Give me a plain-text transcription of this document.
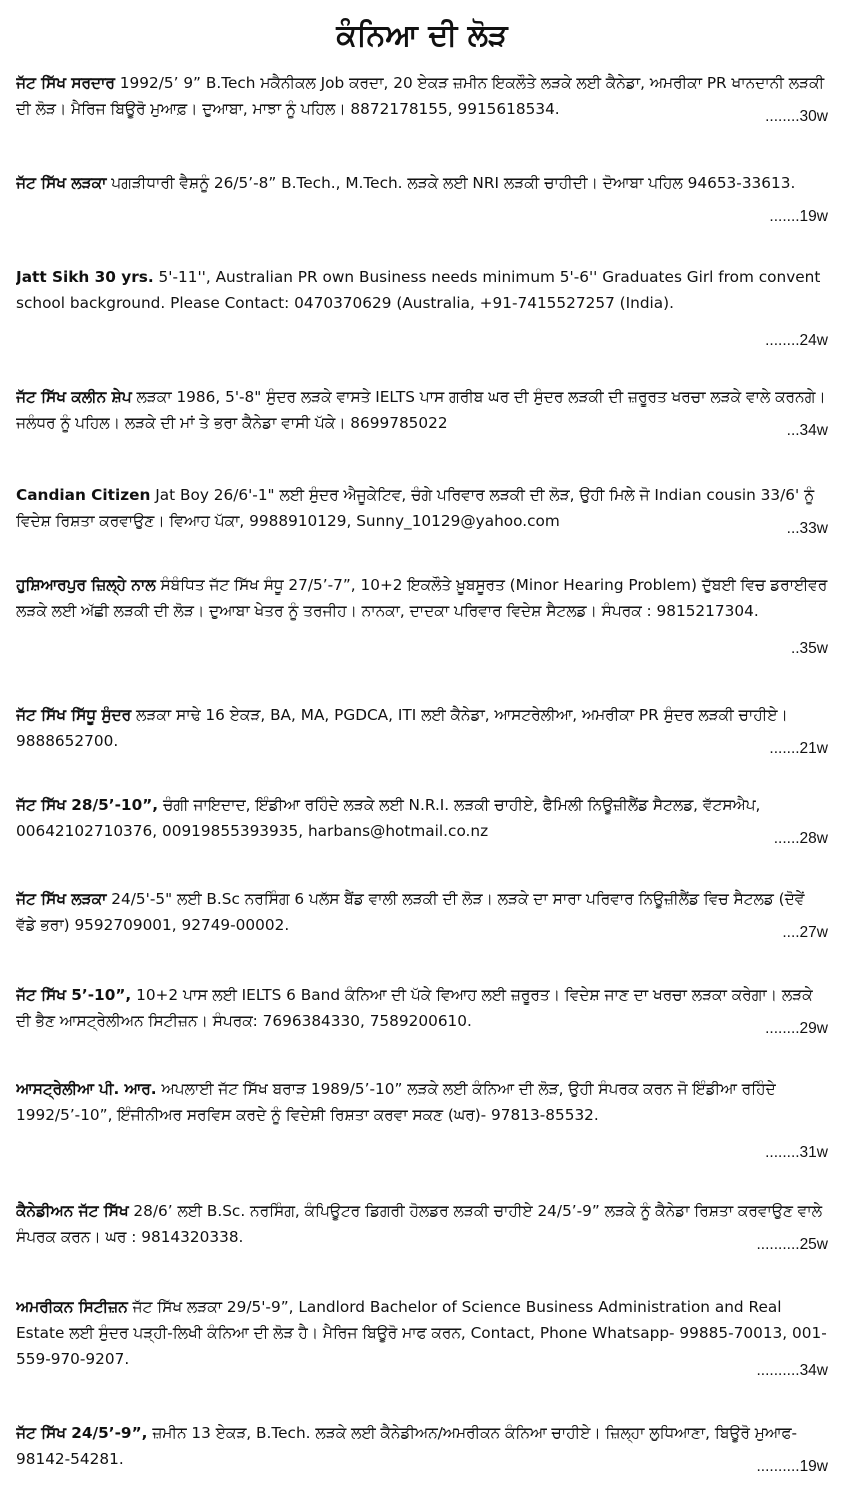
ਕੰਨਿਆ ਦੀ ਲੋੜ
ਜੱਟ ਸਿੱਖ ਸਰਦਾਰ 1992/5’ 9” B.Tech ਮਕੈਨੀਕਲ Job ਕਰਦਾ, 20 ਏਕੜ ਜ਼ਮੀਨ ਇਕਲੌਤੇ ਲੜਕੇ ਲਈ ਕੈਨੇਡਾ, ਅਮਰੀਕਾ PR ਖਾਨਦਾਨੀ ਲੜਕੀ ਦੀ ਲੋੜ। ਮੈਰਿਜ ਬਿਊਰੋ ਮੁਆਫ਼। ਦੁਆਬਾ, ਮਾਝਾ ਨੂੰ ਪਹਿਲ। 8872178155, 9915618534.	........30w
ਜੱਟ ਸਿੱਖ ਲੜਕਾ ਪਗੜੀਧਾਰੀ ਵੈਸ਼ਨੂੰ 26/5’-8” B.Tech., M.Tech. ਲੜਕੇ ਲਈ NRI ਲੜਕੀ ਚਾਹੀਦੀ। ਦੋਆਬਾ ਪਹਿਲ 94653-33613.
.......19w
Jatt Sikh 30 yrs. 5'-11'', Australian PR own Business needs minimum 5'-6'' Graduates Girl from convent school background. Please Contact: 0470370629 (Australia, +91-7415527257 (India).
........24w
ਜੱਟ ਸਿੱਖ ਕਲੀਨ ਸ਼ੇਪ ਲੜਕਾ 1986, 5'-8" ਸੁੰਦਰ ਲੜਕੇ ਵਾਸਤੇ IELTS ਪਾਸ ਗਰੀਬ ਘਰ ਦੀ ਸੁੰਦਰ ਲੜਕੀ ਦੀ ਜ਼ਰੂਰਤ ਖਰਚਾ ਲੜਕੇ ਵਾਲੇ ਕਰਨਗੇ। ਜਲੰਧਰ ਨੂੰ ਪਹਿਲ। ਲੜਕੇ ਦੀ ਮਾਂ ਤੇ ਭਰਾ ਕੈਨੇਡਾ ਵਾਸੀ ਪੱਕੇ। 8699785022	...34w
Candian Citizen Jat Boy 26/6'-1" ਲਈ ਸੁੰਦਰ ਐਜੂਕੇਟਿਵ, ਚੰਗੇ ਪਰਿਵਾਰ ਲੜਕੀ ਦੀ ਲੋੜ, ਉਹੀ ਮਿਲੇ ਜੋ Indian cousin 33/6' ਨੂੰ ਵਿਦੇਸ਼ ਰਿਸ਼ਤਾ ਕਰਵਾਉਣ। ਵਿਆਹ ਪੱਕਾ, 9988910129, Sunny_10129@yahoo.com	...33w
ਹੁਸ਼ਿਆਰਪੁਰ ਜ਼ਿਲ੍ਹੇ ਨਾਲ ਸੰਬੰਧਿਤ ਜੱਟ ਸਿੱਖ ਸੰਧੂ 27/5’-7”, 10+2 ਇਕਲੌਤੇ ਖ਼ੂਬਸੂਰਤ (Minor Hearing Problem) ਦੁੱਬਈ ਵਿਚ ਡਰਾਈਵਰ ਲੜਕੇ ਲਈ ਅੱਛੀ ਲੜਕੀ ਦੀ ਲੋੜ। ਦੁਆਬਾ ਖੇਤਰ ਨੂੰ ਤਰਜੀਹ। ਨਾਨਕਾ, ਦਾਦਕਾ ਪਰਿਵਾਰ ਵਿਦੇਸ਼ ਸੈਟਲਡ। ਸੰਪਰਕ : 9815217304.
..35w
ਜੱਟ ਸਿੱਖ ਸਿੱਧੂ ਸੁੰਦਰ ਲੜਕਾ ਸਾਢੇ 16 ਏਕੜ, BA, MA, PGDCA, ITI ਲਈ ਕੈਨੇਡਾ, ਆਸਟਰੇਲੀਆ, ਅਮਰੀਕਾ PR ਸੁੰਦਰ ਲੜਕੀ ਚਾਹੀਏ। 9888652700.	.......21w
ਜੱਟ ਸਿੱਖ 28/5’-10”, ਚੰਗੀ ਜਾਇਦਾਦ, ਇੰਡੀਆ ਰਹਿੰਦੇ ਲੜਕੇ ਲਈ N.R.I. ਲੜਕੀ ਚਾਹੀਏ, ਫੈਮਿਲੀ ਨਿਊਜ਼ੀਲੈਂਡ ਸੈਟਲਡ, ਵੱਟਸਐਪ, 00642102710376, 00919855393935, harbans@hotmail.co.nz	......28w
ਜੱਟ ਸਿੱਖ ਲੜਕਾ 24/5'-5" ਲਈ B.Sc ਨਰਸਿੰਗ 6 ਪਲੱਸ ਬੈਂਡ ਵਾਲੀ ਲੜਕੀ ਦੀ ਲੋੜ। ਲੜਕੇ ਦਾ ਸਾਰਾ ਪਰਿਵਾਰ ਨਿਊਜ਼ੀਲੈਂਡ ਵਿਚ ਸੈਟਲਡ (ਦੋਵੇਂ ਵੱਡੇ ਭਰਾ) 9592709001, 92749-00002.	....27w
ਜੱਟ ਸਿੱਖ 5’-10”, 10+2 ਪਾਸ ਲਈ IELTS 6 Band ਕੰਨਿਆ ਦੀ ਪੱਕੇ ਵਿਆਹ ਲਈ ਜ਼ਰੂਰਤ। ਵਿਦੇਸ਼ ਜਾਣ ਦਾ ਖਰਚਾ ਲੜਕਾ ਕਰੇਗਾ। ਲੜਕੇ ਦੀ ਭੈਣ ਆਸਟ੍ਰੇਲੀਅਨ ਸਿਟੀਜ਼ਨ। ਸੰਪਰਕ: 7696384330, 7589200610.	........29w
ਆਸਟ੍ਰੇਲੀਆ ਪੀ. ਆਰ. ਅਪਲਾਈ ਜੱਟ ਸਿੱਖ ਬਰਾੜ 1989/5’-10” ਲੜਕੇ ਲਈ ਕੰਨਿਆ ਦੀ ਲੋੜ, ਉਹੀ ਸੰਪਰਕ ਕਰਨ ਜੋ ਇੰਡੀਆ ਰਹਿੰਦੇ 1992/5’-10”, ਇੰਜੀਨੀਅਰ ਸਰਵਿਸ ਕਰਦੇ ਨੂੰ ਵਿਦੇਸ਼ੀ ਰਿਸ਼ਤਾ ਕਰਵਾ ਸਕਣ (ਘਰ)- 97813-85532.
........31w
ਕੈਨੇਡੀਅਨ ਜੱਟ ਸਿੱਖ 28/6’ ਲਈ B.Sc. ਨਰਸਿੰਗ, ਕੰਪਿਊਟਰ ਡਿਗਰੀ ਹੋਲਡਰ ਲੜਕੀ ਚਾਹੀਏ 24/5’-9” ਲੜਕੇ ਨੂੰ ਕੈਨੇਡਾ ਰਿਸ਼ਤਾ ਕਰਵਾਉਣ ਵਾਲੇ ਸੰਪਰਕ ਕਰਨ। ਘਰ : 9814320338.	..........25w
ਅਮਰੀਕਨ ਸਿਟੀਜ਼ਨ ਜੱਟ ਸਿੱਖ ਲੜਕਾ 29/5'-9”, Landlord Bachelor of Science Business Administration and Real Estate ਲਈ ਸੁੰਦਰ ਪੜ੍ਹੀ-ਲਿਖੀ ਕੰਨਿਆ ਦੀ ਲੋੜ ਹੈ। ਮੈਰਿਜ ਬਿਊਰੋ ਮਾਫ ਕਰਨ, Contact, Phone Whatsapp- 99885-70013, 001-559-970-9207.
..........34w
ਜੱਟ ਸਿੱਖ 24/5’-9”, ਜ਼ਮੀਨ 13 ਏਕੜ, B.Tech. ਲੜਕੇ ਲਈ ਕੈਨੇਡੀਅਨ/ਅਮਰੀਕਨ ਕੰਨਿਆ ਚਾਹੀਏ। ਜ਼ਿਲ੍ਹਾ ਲੁਧਿਆਣਾ, ਬਿਊਰੋ ਮੁਆਫ- 98142-54281.	..........19w
